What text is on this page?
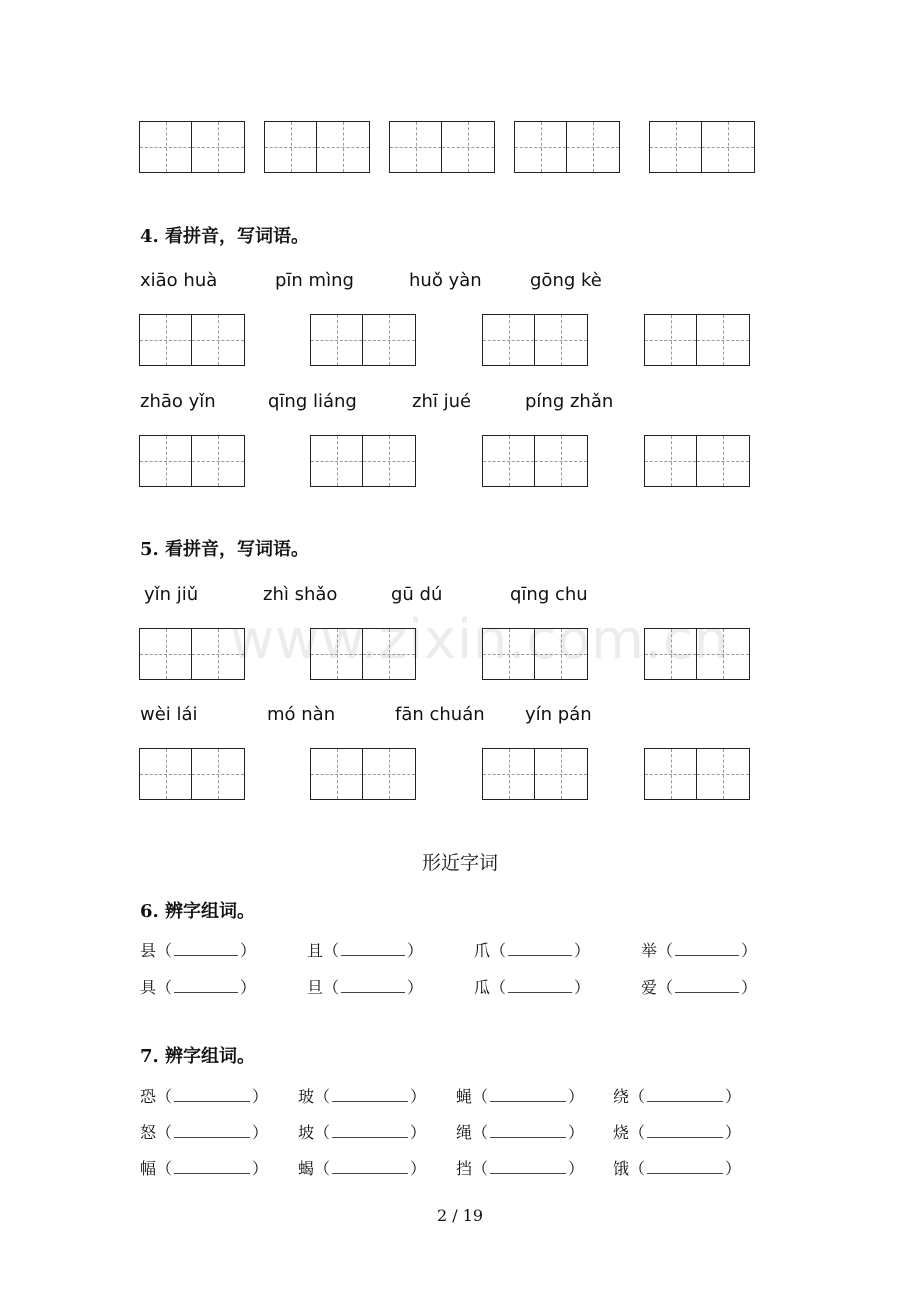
4. 看拼音，写词语。
xiāo huà	pīn mìng	huǒ yàn	gōng kè
zhāo yǐn	qīng liáng	zhī jué	píng zhǎn
5. 看拼音，写词语。
yǐn jiǔ	zhì shǎo	gū dú	qīng chu
www.zixin.com.cn
wèi lái	mó nàn	fān chuán yín pán
形近字词
6. 辨字组词。
县（	）	且（	）	爪（	）	举（	）
具（	）	旦（	）	瓜（	）	爱（	）
7. 辨字组词。
恐（	） 玻（	） 蝇（	） 绕（	）
怒（	） 坡（	） 绳（	） 烧（	）
幅（	） 蝎（	） 挡（	） 饿（	）
2 / 19
